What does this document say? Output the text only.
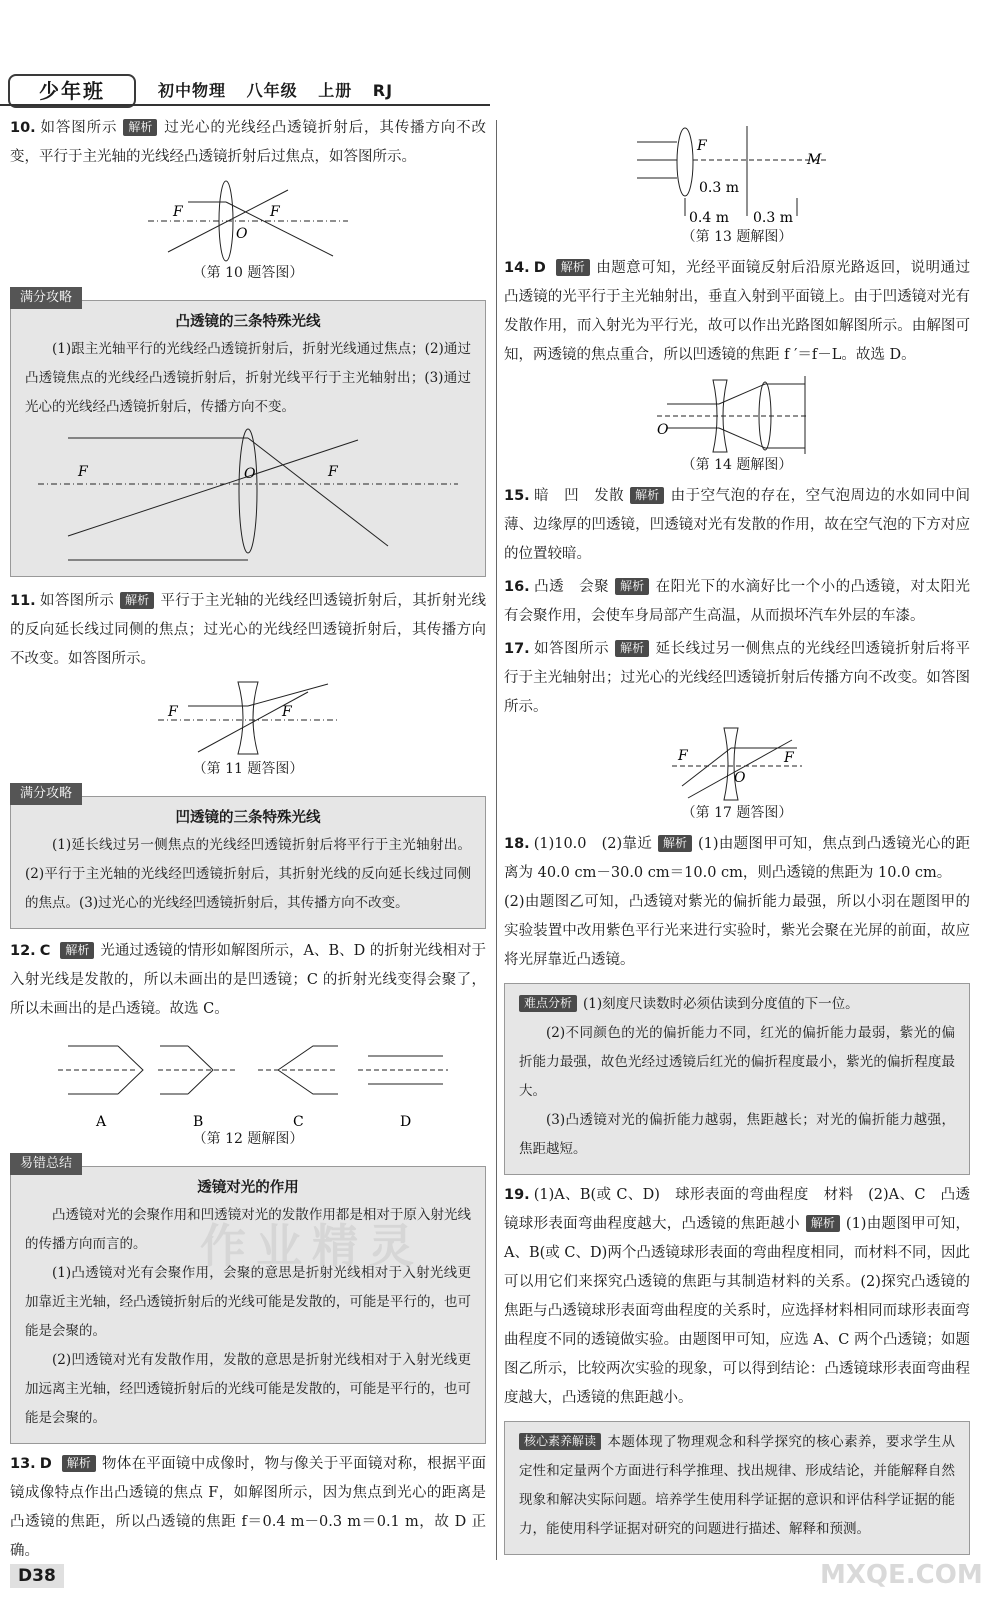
少年班	初中物理 八年级 上册 RJ

10. 如答图所示 解析 过光心的光线经凸透镜折射后，其传播方向不改变，平行于主光轴的光线经凸透镜折射后过焦点，如答图所示。

F	F
O
（第 10 题答图）
满分攻略
凸透镜的三条特殊光线
(1)跟主光轴平行的光线经凸透镜折射后，折射光线通过焦点；(2)通过凸透镜焦点的光线经凸透镜折射后，折射光线平行于主光轴射出；(3)通过光心的光线经凸透镜折射后，传播方向不变。
F	F
O

11. 如答图所示 解析 平行于主光轴的光线经凹透镜折射后，其折射光线的反向延长线过同侧的焦点；过光心的光线经凹透镜折射后，其传播方向不改变。如答图所示。

F	F
（第 11 题答图）
满分攻略
凹透镜的三条特殊光线
(1)延长线过另一侧焦点的光线经凹透镜折射后将平行于主光轴射出。(2)平行于主光轴的光线经凹透镜折射后，其折射光线的反向延长线过同侧的焦点。(3)过光心的光线经凹透镜折射后，其传播方向不改变。

12. C 解析 光通过透镜的情形如解图所示，A、B、D 的折射光线相对于入射光线是发散的，所以未画出的是凹透镜；C 的折射光线变得会聚了，所以未画出的是凸透镜。故选 C。

A	B	C	D
（第 12 题解图）
易错总结
透镜对光的作用
凸透镜对光的会聚作用和凹透镜对光的发散作用都是相对于原入射光线的传播方向而言的。
(1)凸透镜对光有会聚作用，会聚的意思是折射光线相对于入射光线更加靠近主光轴，经凸透镜折射后的光线可能是发散的，可能是平行的，也可能是会聚的。
(2)凹透镜对光有发散作用，发散的意思是折射光线相对于入射光线更加远离主光轴，经凹透镜折射后的光线可能是发散的，可能是平行的，也可能是会聚的。

13. D 解析 物体在平面镜中成像时，物与像关于平面镜对称，根据平面镜成像特点作出凸透镜的焦点 F，如解图所示，因为焦点到光心的距离是凸透镜的焦距，所以凸透镜的焦距 f＝0.4 m－0.3 m＝0.1 m，故 D 正确。

F
M
0.3 m
0.4 m 0.3 m
（第 13 题解图）

14. D 解析 由题意可知，光经平面镜反射后沿原光路返回，说明通过凸透镜的光平行于主光轴射出，垂直入射到平面镜上。由于凹透镜对光有发散作用，而入射光为平行光，故可以作出光路图如解图所示。由解图可知，两透镜的焦点重合，所以凹透镜的焦距 f ′＝f－L。故选 D。

O
（第 14 题解图）

15. 暗　凹　发散 解析 由于空气泡的存在，空气泡周边的水如同中间薄、边缘厚的凹透镜，凹透镜对光有发散的作用，故在空气泡的下方对应的位置较暗。

16. 凸透　会聚 解析 在阳光下的水滴好比一个小的凸透镜，对太阳光有会聚作用，会使车身局部产生高温，从而损坏汽车外层的车漆。

17. 如答图所示 解析 延长线过另一侧焦点的光线经凹透镜折射后将平行于主光轴射出；过光心的光线经凹透镜折射后传播方向不改变。如答图所示。

F	F
O
（第 17 题答图）

18. (1)10.0　(2)靠近 解析 (1)由题图甲可知，焦点到凸透镜光心的距离为 40.0 cm－30.0 cm＝10.0 cm，则凸透镜的焦距为 10.0 cm。

(2)由题图乙可知，凸透镜对紫光的偏折能力最强，所以小羽在题图甲的实验装置中改用紫色平行光来进行实验时，紫光会聚在光屏的前面，故应将光屏靠近凸透镜。

难点分析 (1)刻度尺读数时必须估读到分度值的下一位。
(2)不同颜色的光的偏折能力不同，红光的偏折能力最弱，紫光的偏折能力最强，故色光经过透镜后红光的偏折程度最小，紫光的偏折程度最大。
(3)凸透镜对光的偏折能力越弱，焦距越长；对光的偏折能力越强，焦距越短。

19. (1)A、B(或 C、D)　球形表面的弯曲程度　材料　(2)A、C　凸透镜球形表面弯曲程度越大，凸透镜的焦距越小 解析 (1)由题图甲可知，A、B(或 C、D)两个凸透镜球形表面的弯曲程度相同，而材料不同，因此可以用它们来探究凸透镜的焦距与其制造材料的关系。(2)探究凸透镜的焦距与凸透镜球形表面弯曲程度的关系时，应选择材料相同而球形表面弯曲程度不同的透镜做实验。由题图甲可知，应选 A、C 两个凸透镜；如题图乙所示，比较两次实验的现象，可以得到结论：凸透镜球形表面弯曲程度越大，凸透镜的焦距越小。

核心素养解读 本题体现了物理观念和科学探究的核心素养，要求学生从定性和定量两个方面进行科学推理、找出规律、形成结论，并能解释自然现象和解决实际问题。培养学生使用科学证据的意识和评估科学证据的能力，能使用科学证据对研究的问题进行描述、解释和预测。
作业精灵
MXQE.COM
D38
